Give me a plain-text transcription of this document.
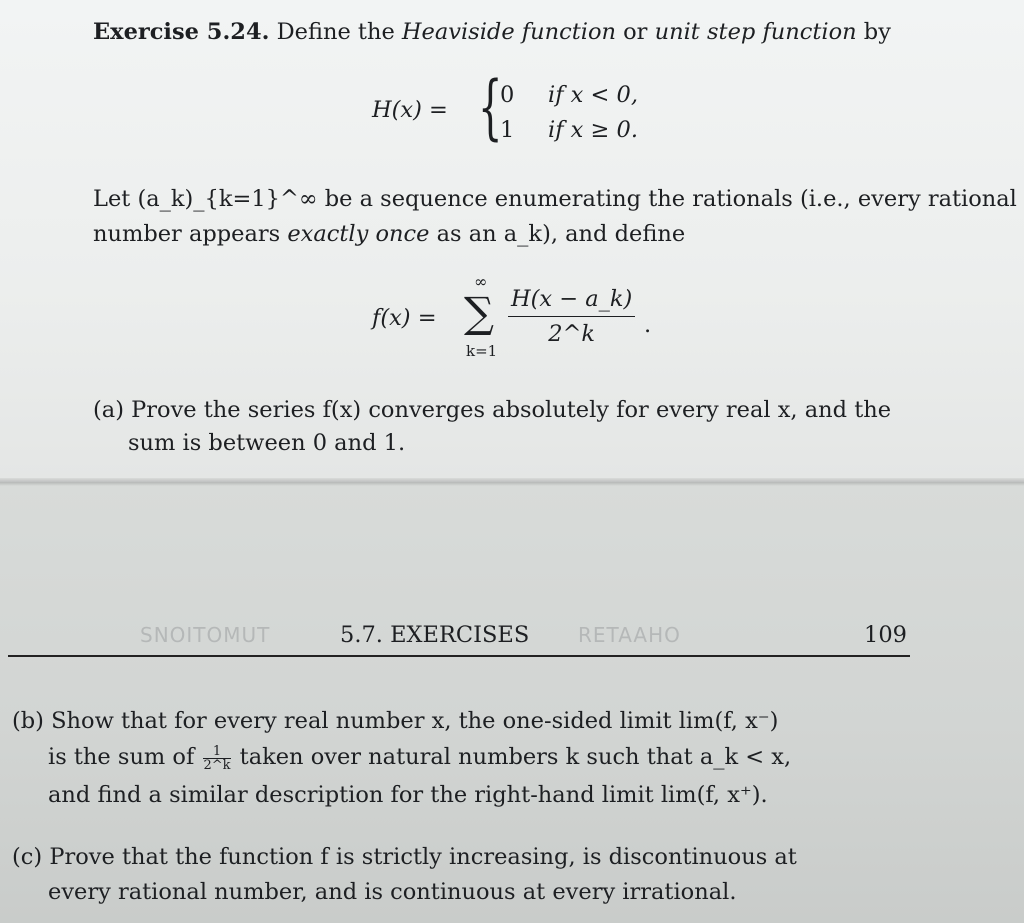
Exercise 5.24. Define the Heaviside function or unit step function by
H(x) = {
0 if x < 0,
1 if x ≥ 0.
Let (a_k)_{k=1}^∞ be a sequence enumerating the rationals (i.e., every rational
number appears exactly once as an a_k), and define
f(x) =
∞
∑
k=1
$\frac{H(x - a\_k)}{2\^{}k}$ .
(a) Prove the series f(x) converges absolutely for every real x, and the
sum is between 0 and 1.
SNOITOMUT	5.7. EXERCISES RETAAHO	109
(b) Show that for every real number x, the one-sided limit lim(f, x⁻)
is the sum of $\frac{1}{2\^{}k}$ taken over natural numbers k such that a_k < x,
and find a similar description for the right-hand limit lim(f, x⁺).
(c) Prove that the function f is strictly increasing, is discontinuous at
every rational number, and is continuous at every irrational.
